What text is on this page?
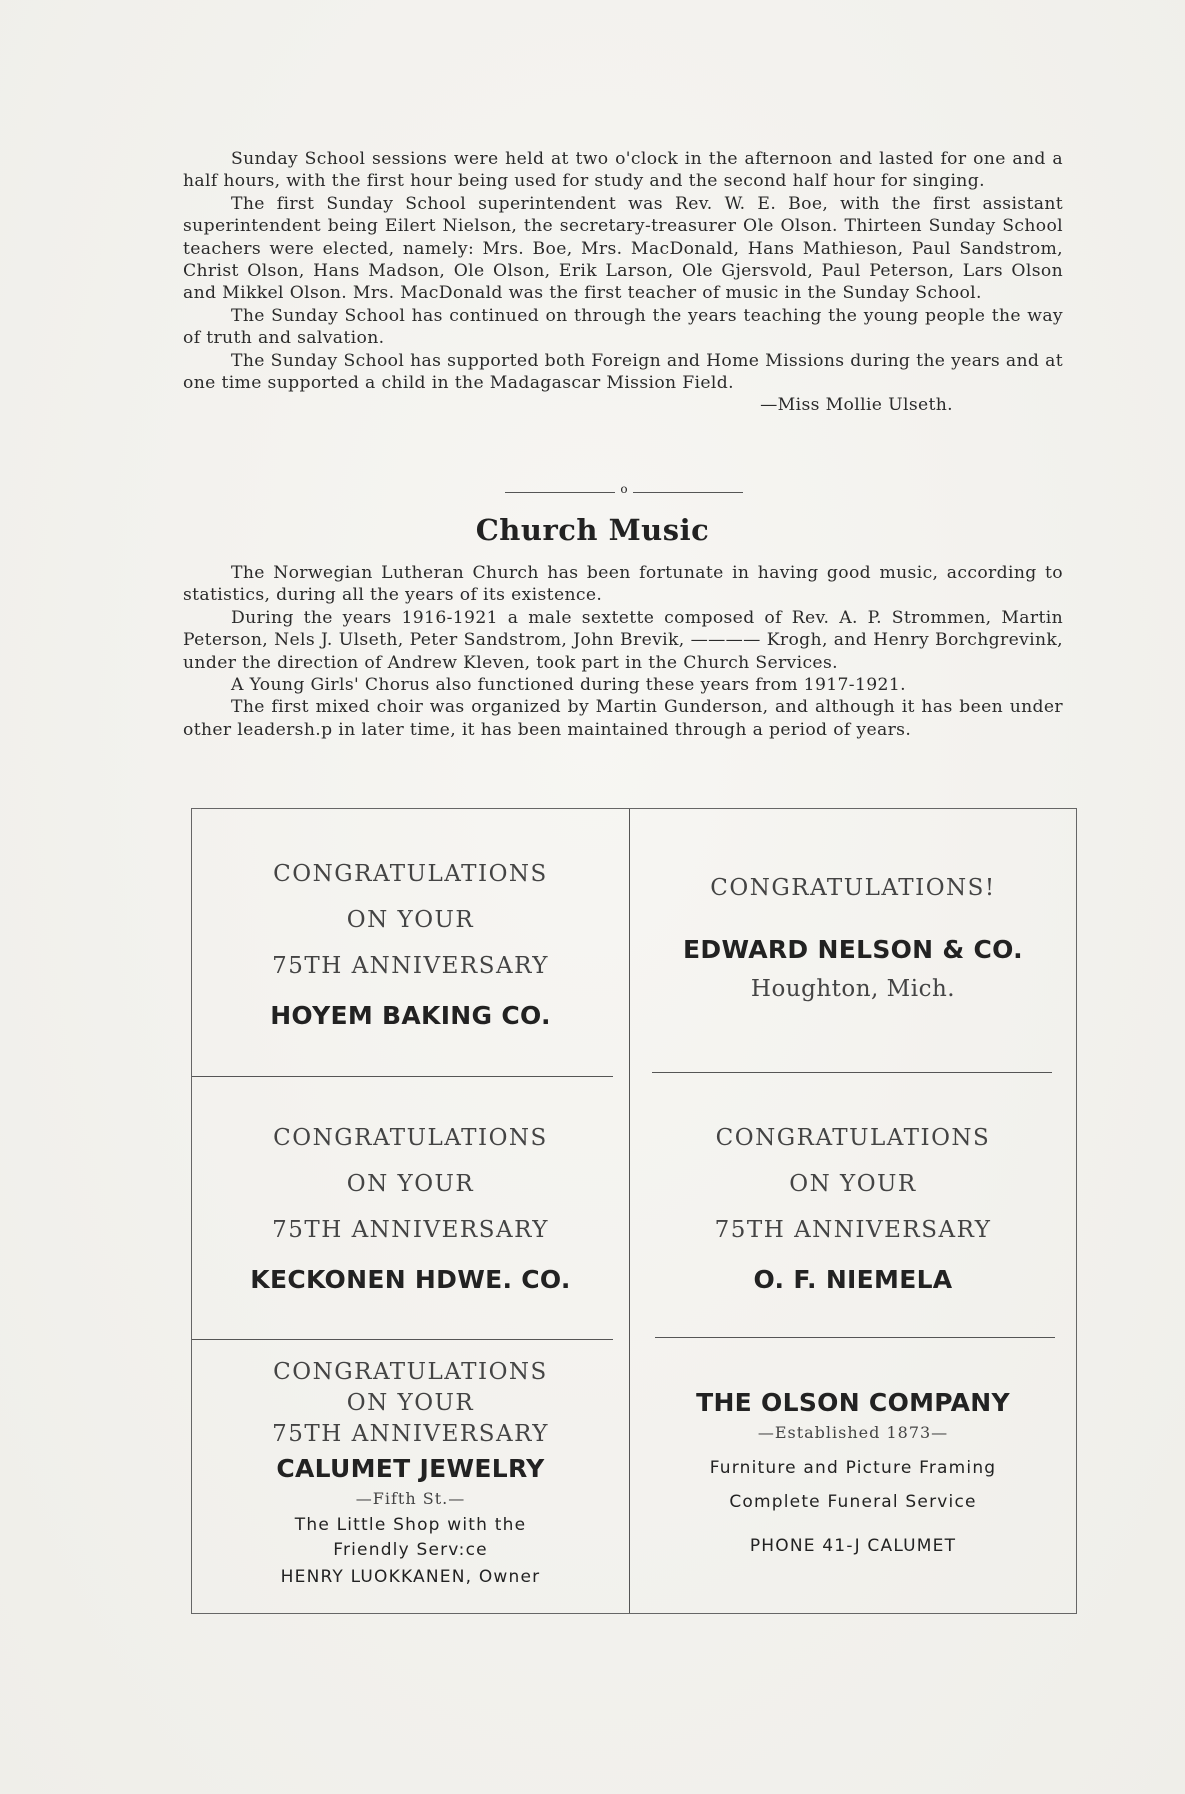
Sunday School sessions were held at two o'clock in the afternoon and lasted for one and a half hours, with the first hour being used for study and the second half hour for singing.

The first Sunday School superintendent was Rev. W. E. Boe, with the first assistant superintendent being Eilert Nielson, the secretary-treasurer Ole Olson. Thirteen Sunday School teachers were elected, namely: Mrs. Boe, Mrs. MacDonald, Hans Mathieson, Paul Sandstrom, Christ Olson, Hans Madson, Ole Olson, Erik Larson, Ole Gjersvold, Paul Peterson, Lars Olson and Mikkel Olson. Mrs. MacDonald was the first teacher of music in the Sunday School.

The Sunday School has continued on through the years teaching the young people the way of truth and salvation.

The Sunday School has supported both Foreign and Home Missions during the years and at one time supported a child in the Madagascar Mission Field.

—Miss Mollie Ulseth.

o
Church Music

The Norwegian Lutheran Church has been fortunate in having good music, according to statistics, during all the years of its existence.

During the years 1916-1921 a male sextette composed of Rev. A. P. Strommen, Martin Peterson, Nels J. Ulseth, Peter Sandstrom, John Brevik, ———— Krogh, and Henry Borchgrevink, under the direction of Andrew Kleven, took part in the Church Services.

A Young Girls' Chorus also functioned during these years from 1917-1921.

The first mixed choir was organized by Martin Gunderson, and although it has been under other leadersh.p in later time, it has been maintained through a period of years.

CONGRATULATIONS
ON YOUR
75TH ANNIVERSARY
HOYEM BAKING CO.
CONGRATULATIONS!
EDWARD NELSON & CO.
Houghton, Mich.
CONGRATULATIONS
ON YOUR
75TH ANNIVERSARY
KECKONEN HDWE. CO.
CONGRATULATIONS
ON YOUR
75TH ANNIVERSARY
O. F. NIEMELA
CONGRATULATIONS
ON YOUR
75TH ANNIVERSARY
CALUMET JEWELRY
—Fifth St.—
The Little Shop with the
Friendly Serv:ce
HENRY LUOKKANEN, Owner
THE OLSON COMPANY
—Established 1873—
Furniture and Picture Framing
Complete Funeral Service
PHONE 41-J CALUMET
